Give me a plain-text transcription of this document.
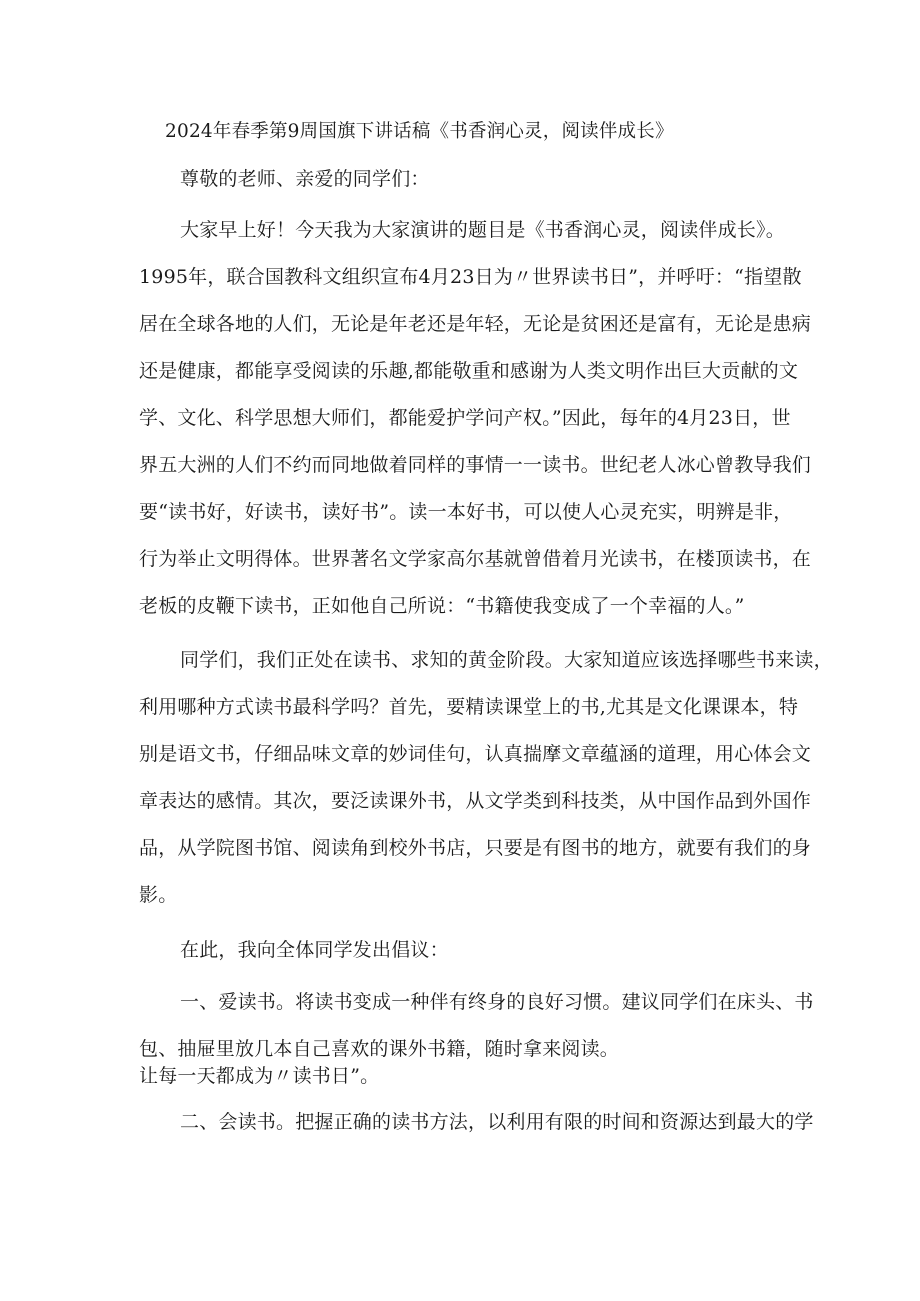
2024年春季第9周国旗下讲话稿《书香润心灵，阅读伴成长》
尊敬的老师、亲爱的同学们：
大家早上好！今天我为大家演讲的题目是《书香润心灵，阅读伴成长》。
1995年，联合国教科文组织宣布4月23日为〃世界读书日”，并呼吁：“指望散
居在全球各地的人们，无论是年老还是年轻，无论是贫困还是富有，无论是患病
还是健康，都能享受阅读的乐趣,都能敬重和感谢为人类文明作出巨大贡献的文
学、文化、科学思想大师们，都能爱护学问产权。”因此，每年的4月23日，世
界五大洲的人们不约而同地做着同样的事情一一读书。世纪老人冰心曾教导我们
要“读书好，好读书，读好书”。读一本好书，可以使人心灵充实，明辨是非，
行为举止文明得体。世界著名文学家高尔基就曾借着月光读书，在楼顶读书，在
老板的皮鞭下读书，正如他自己所说：“书籍使我变成了一个幸福的人。”
同学们，我们正处在读书、求知的黄金阶段。大家知道应该选择哪些书来读，
利用哪种方式读书最科学吗？首先，要精读课堂上的书,尤其是文化课课本，特
别是语文书，仔细品味文章的妙词佳句，认真揣摩文章蕴涵的道理，用心体会文
章表达的感情。其次，要泛读课外书，从文学类到科技类，从中国作品到外国作
品，从学院图书馆、阅读角到校外书店，只要是有图书的地方，就要有我们的身
影。
在此，我向全体同学发出倡议：
一、爱读书。将读书变成一种伴有终身的良好习惯。建议同学们在床头、书
包、抽屉里放几本自己喜欢的课外书籍，随时拿来阅读。
让每一天都成为〃读书日”。
二、会读书。把握正确的读书方法，以利用有限的时间和资源达到最大的学
